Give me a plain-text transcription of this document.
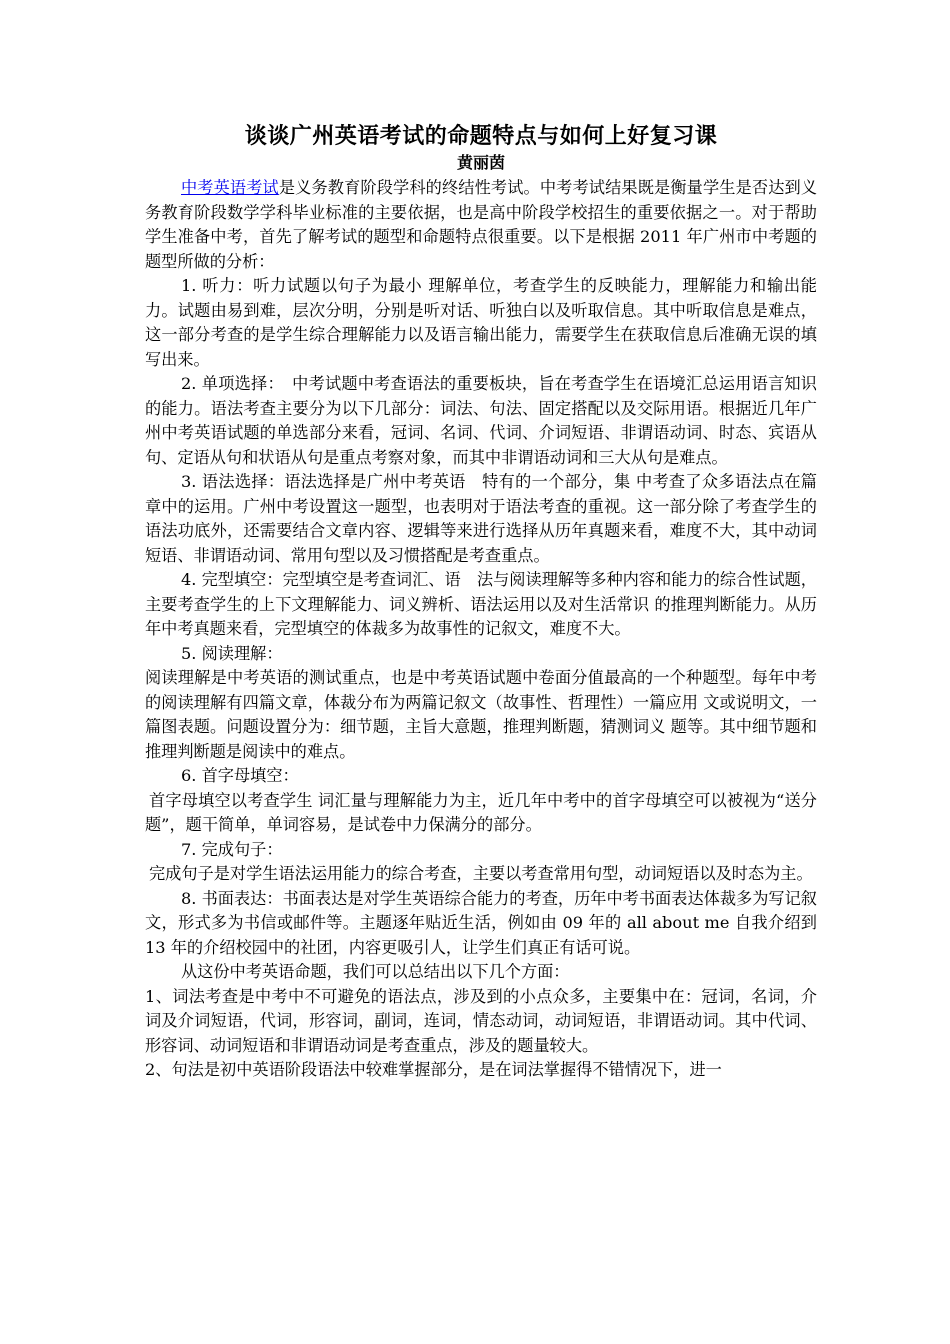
谈谈广州英语考试的命题特点与如何上好复习课
黄丽茵

中考英语考试是义务教育阶段学科的终结性考试。中考考试结果既是衡量学生是否达到义务教育阶段数学学科毕业标准的主要依据，也是高中阶段学校招生的重要依据之一。对于帮助学生准备中考，首先了解考试的题型和命题特点很重要。以下是根据 2011 年广州市中考题的题型所做的分析：

1. 听力：听力试题以句子为最小 理解单位，考查学生的反映能力，理解能力和输出能力。试题由易到难，层次分明，分别是听对话、听独白以及听取信息。其中听取信息是难点，这一部分考查的是学生综合理解能力以及语言输出能力，需要学生在获取信息后准确无误的填写出来。

2. 单项选择：　中考试题中考查语法的重要板块，旨在考查学生在语境汇总运用语言知识的能力。语法考查主要分为以下几部分：词法、句法、固定搭配以及交际用语。根据近几年广州中考英语试题的单选部分来看，冠词、名词、代词、介词短语、非谓语动词、时态、宾语从句、定语从句和状语从句是重点考察对象，而其中非谓语动词和三大从句是难点。

3. 语法选择：语法选择是广州中考英语　特有的一个部分，集 中考查了众多语法点在篇章中的运用。广州中考设置这一题型，也表明对于语法考查的重视。这一部分除了考查学生的语法功底外，还需要结合文章内容、逻辑等来进行选择从历年真题来看，难度不大，其中动词短语、非谓语动词、常用句型以及习惯搭配是考查重点。

4. 完型填空：完型填空是考查词汇、语　法与阅读理解等多种内容和能力的综合性试题，主要考查学生的上下文理解能力、词义辨析、语法运用以及对生活常识 的推理判断能力。从历年中考真题来看，完型填空的体裁多为故事性的记叙文，难度不大。

5. 阅读理解：

阅读理解是中考英语的测试重点，也是中考英语试题中卷面分值最高的一个种题型。每年中考的阅读理解有四篇文章，体裁分布为两篇记叙文（故事性、哲理性）一篇应用 文或说明文，一篇图表题。问题设置分为：细节题，主旨大意题，推理判断题，猜测词义 题等。其中细节题和推理判断题是阅读中的难点。

6. 首字母填空：

首字母填空以考查学生 词汇量与理解能力为主，近几年中考中的首字母填空可以被视为“送分题”，题干简单，单词容易，是试卷中力保满分的部分。

7. 完成句子：

完成句子是对学生语法运用能力的综合考查，主要以考查常用句型，动词短语以及时态为主。

8. 书面表达：书面表达是对学生英语综合能力的考查，历年中考书面表达体裁多为写记叙文，形式多为书信或邮件等。主题逐年贴近生活，例如由 09 年的 all about me 自我介绍到 13 年的介绍校园中的社团，内容更吸引人，让学生们真正有话可说。

从这份中考英语命题，我们可以总结出以下几个方面：

1、词法考查是中考中不可避免的语法点，涉及到的小点众多，主要集中在：冠词，名词，介词及介词短语，代词，形容词，副词，连词，情态动词，动词短语，非谓语动词。其中代词、形容词、动词短语和非谓语动词是考查重点，涉及的题量较大。

2、句法是初中英语阶段语法中较难掌握部分，是在词法掌握得不错情况下，进一
